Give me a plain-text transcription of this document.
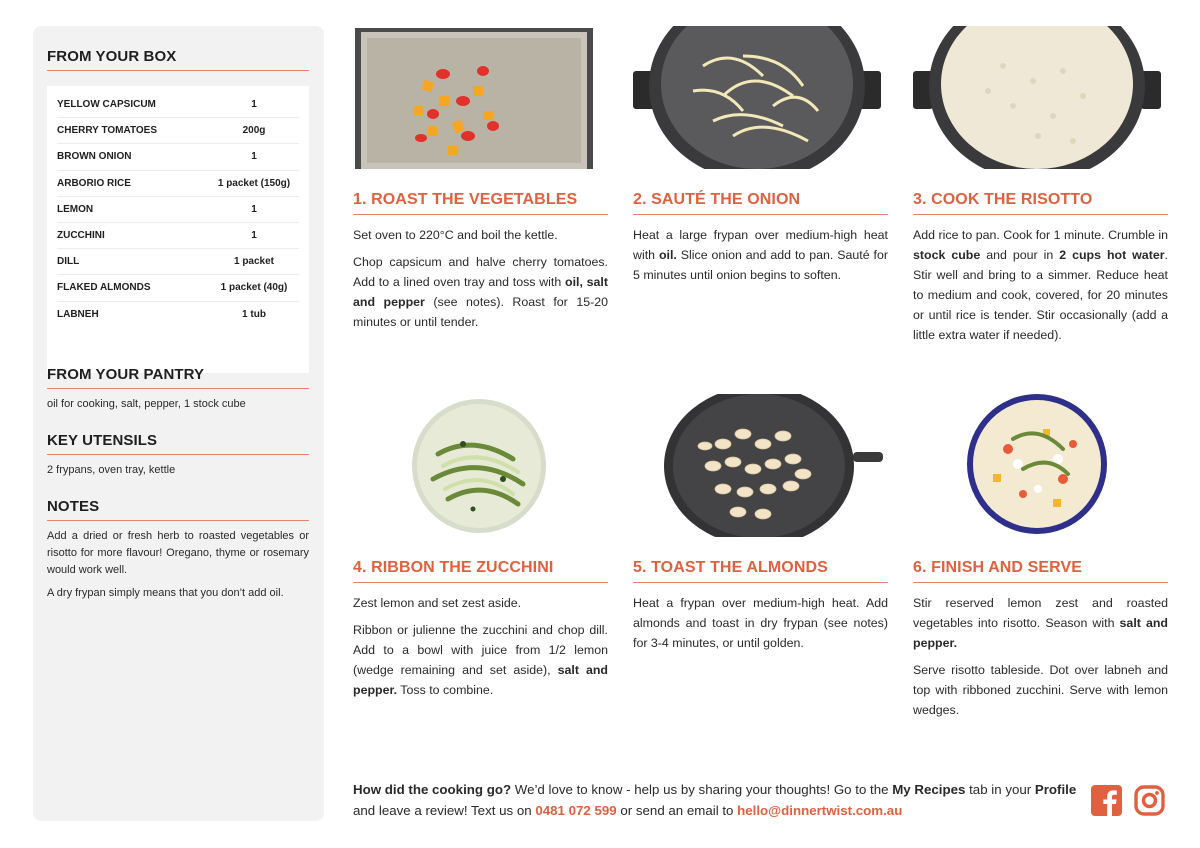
FROM YOUR BOX
YELLOW CAPSICUM	1
CHERRY TOMATOES	200g
BROWN ONION	1
ARBORIO RICE	1 packet (150g)
LEMON	1
ZUCCHINI	1
DILL	1 packet
FLAKED ALMONDS	1 packet (40g)
LABNEH	1 tub
FROM YOUR PANTRY
oil for cooking, salt, pepper, 1 stock cube
KEY UTENSILS
2 frypans, oven tray, kettle
NOTES

Add a dried or fresh herb to roasted vegetables or risotto for more flavour! Oregano, thyme or rosemary would work well.

A dry frypan simply means that you don’t add oil.

1. ROAST THE VEGETABLES

Set oven to 220°C and boil the kettle.

Chop capsicum and halve cherry tomatoes. Add to a lined oven tray and toss with oil, salt and pepper (see notes). Roast for 15-20 minutes or until tender.

2. SAUTÉ THE ONION

Heat a large frypan over medium-high heat with oil. Slice onion and add to pan. Sauté for 5 minutes until onion begins to soften.

3. COOK THE RISOTTO

Add rice to pan. Cook for 1 minute. Crumble in stock cube and pour in 2 cups hot water. Stir well and bring to a simmer. Reduce heat to medium and cook, covered, for 20 minutes or until rice is tender. Stir occasionally (add a little extra water if needed).

4. RIBBON THE ZUCCHINI

Zest lemon and set zest aside.

Ribbon or julienne the zucchini and chop dill. Add to a bowl with juice from 1/2 lemon (wedge remaining and set aside), salt and pepper. Toss to combine.

5. TOAST THE ALMONDS

Heat a frypan over medium-high heat. Add almonds and toast in dry frypan (see notes) for 3-4 minutes, or until golden.

6. FINISH AND SERVE

Stir reserved lemon zest and roasted vegetables into risotto. Season with salt and pepper.

Serve risotto tableside. Dot over labneh and top with ribboned zucchini. Serve with lemon wedges.

How did the cooking go? We’d love to know - help us by sharing your thoughts! Go to the My Recipes tab in your Profile and leave a review! Text us on 0481 072 599 or send an email to hello@dinnertwist.com.au
